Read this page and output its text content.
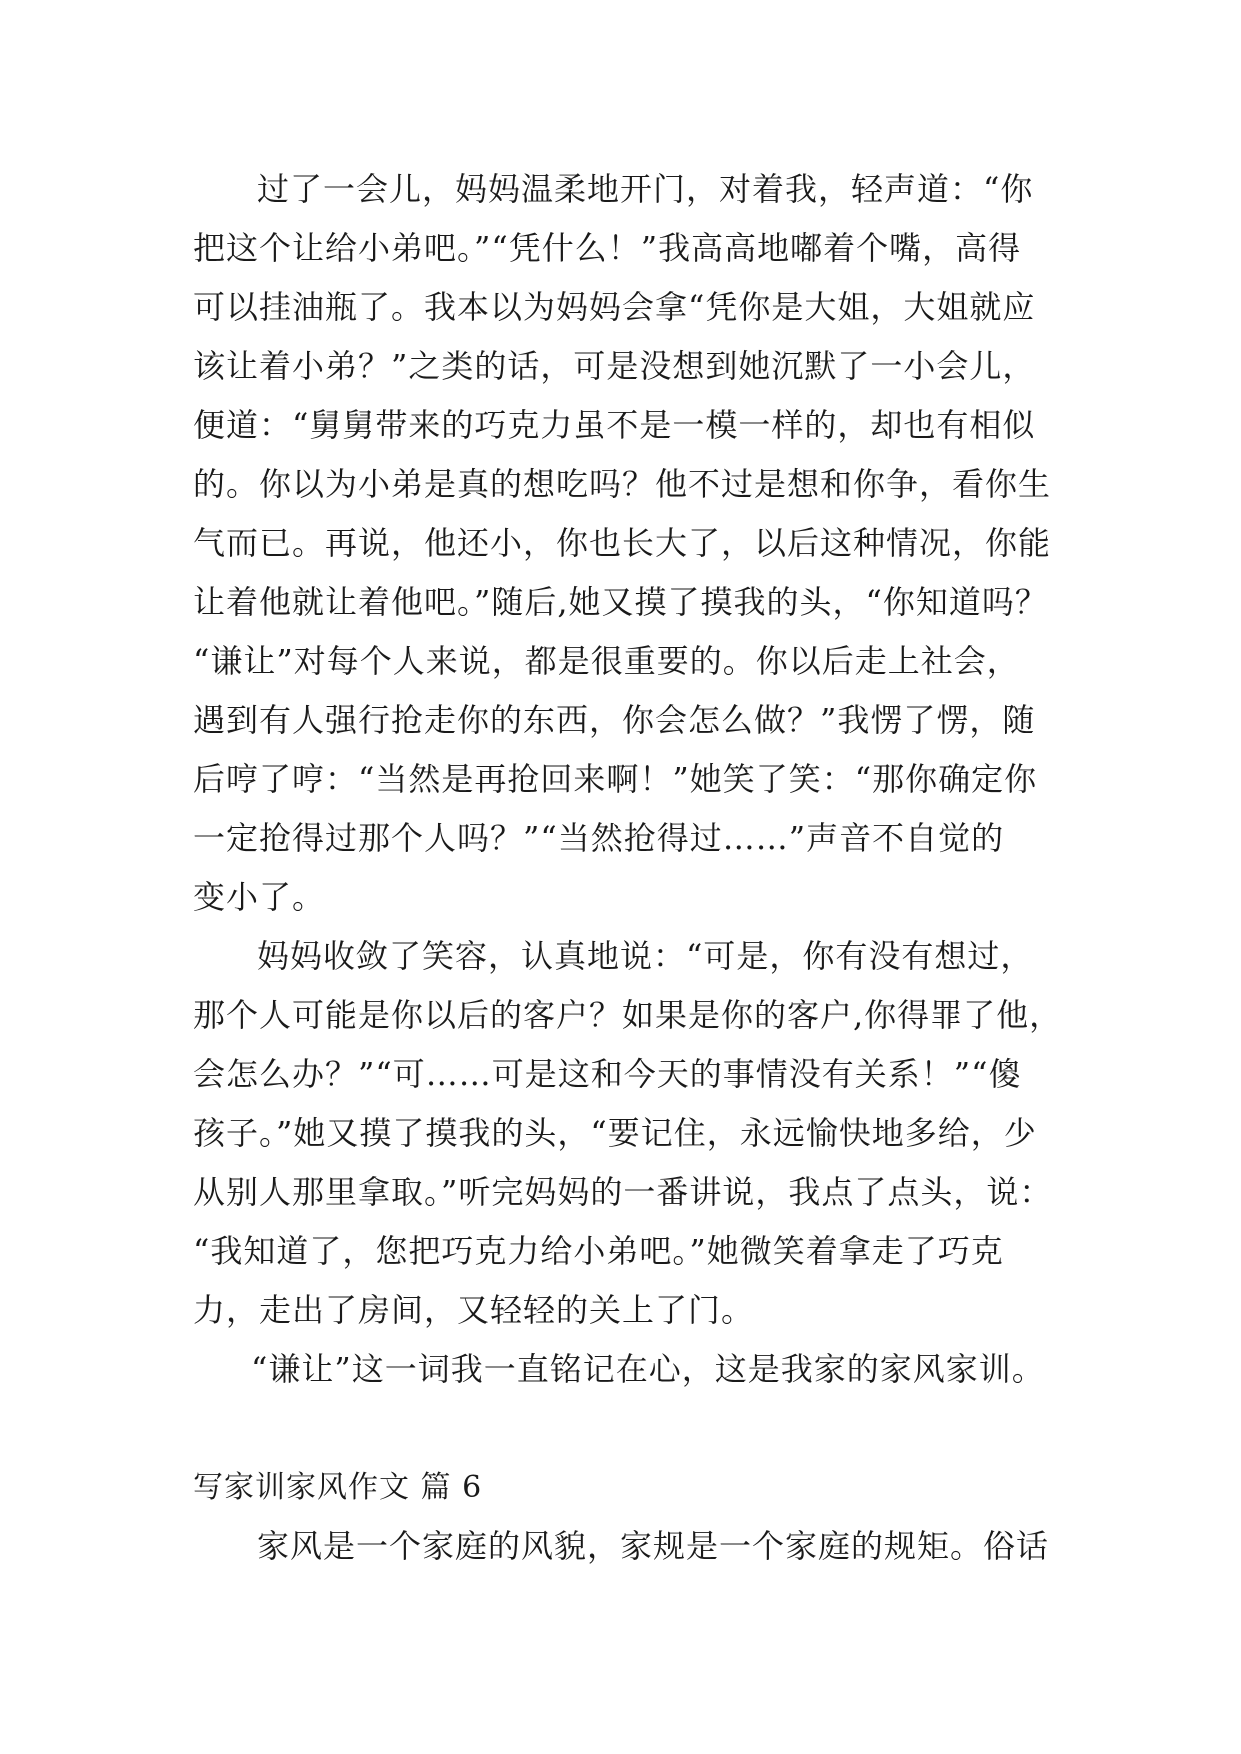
过了一会儿，妈妈温柔地开门，对着我，轻声道：“你
把这个让给小弟吧。”“凭什么！”我高高地嘟着个嘴，高得
可以挂油瓶了。我本以为妈妈会拿“凭你是大姐，大姐就应
该让着小弟？”之类的话，可是没想到她沉默了一小会儿，
便道：“舅舅带来的巧克力虽不是一模一样的，却也有相似
的。你以为小弟是真的想吃吗？他不过是想和你争，看你生
气而已。再说，他还小，你也长大了，以后这种情况，你能
让着他就让着他吧。”随后,她又摸了摸我的头，“你知道吗？
“谦让”对每个人来说，都是很重要的。你以后走上社会，
遇到有人强行抢走你的东西，你会怎么做？”我愣了愣，随
后哼了哼：“当然是再抢回来啊！”她笑了笑：“那你确定你
一定抢得过那个人吗？”“当然抢得过……”声音不自觉的
变小了。
妈妈收敛了笑容，认真地说：“可是，你有没有想过，
那个人可能是你以后的客户？如果是你的客户,你得罪了他，
会怎么办？”“可……可是这和今天的事情没有关系！”“傻
孩子。”她又摸了摸我的头，“要记住，永远愉快地多给，少
从别人那里拿取。”听完妈妈的一番讲说，我点了点头，说：
“我知道了，您把巧克力给小弟吧。”她微笑着拿走了巧克
力，走出了房间，又轻轻的关上了门。
“谦让”这一词我一直铭记在心，这是我家的家风家训。
写家训家风作文 篇 6
家风是一个家庭的风貌，家规是一个家庭的规矩。俗话
